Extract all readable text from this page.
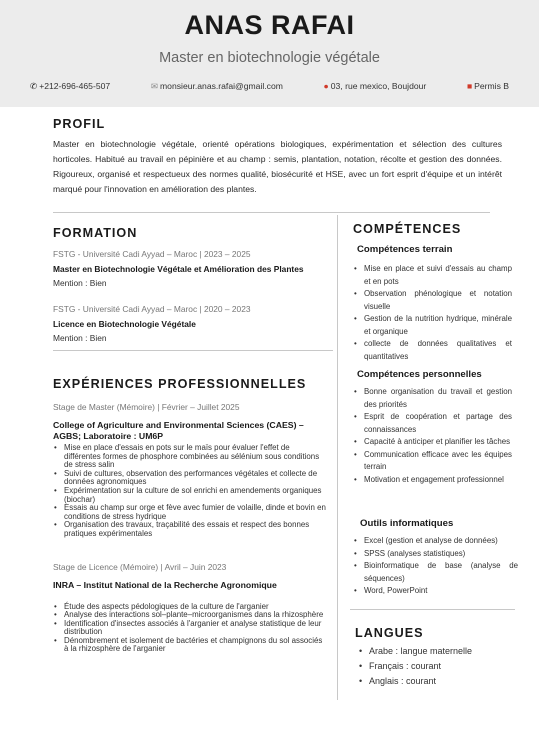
ANAS RAFAI
Master en biotechnologie végétale
✆ +212-696-465-507	✉ monsieur.anas.rafai@gmail.com	● 03, rue mexico, Boujdour	■ Permis B
PROFIL
Master en biotechnologie végétale, orienté opérations biologiques, expérimentation et sélection des cultures horticoles. Habitué au travail en pépinière et au champ : semis, plantation, notation, récolte et gestion des données. Rigoureux, organisé et respectueux des normes qualité, biosécurité et HSE, avec un fort esprit d'équipe et un intérêt marqué pour l'innovation en amélioration des plantes.
FORMATION
FSTG - Université Cadi Ayyad – Maroc | 2023 – 2025
Master en Biotechnologie Végétale et Amélioration des Plantes
Mention : Bien
FSTG - Université Cadi Ayyad – Maroc | 2020 – 2023
Licence en Biotechnologie Végétale
Mention : Bien
EXPÉRIENCES PROFESSIONNELLES
Stage de Master (Mémoire) | Février – Juillet 2025
College of Agriculture and Environmental Sciences (CAES) – AGBS; Laboratoire : UM6P
• Mise en place d'essais en pots sur le maïs pour évaluer l'effet de différentes formes de phosphore combinées au sélénium sous conditions de stress salin
• Suivi de cultures, observation des performances végétales et collecte de données agronomiques
• Expérimentation sur la culture de sol enrichi en amendements organiques (biochar)
• Essais au champ sur orge et fève avec fumier de volaille, dinde et bovin en conditions de stress hydrique
• Organisation des travaux, traçabilité des essais et respect des bonnes pratiques expérimentales
Stage de Licence (Mémoire) | Avril – Juin 2023
INRA – Institut National de la Recherche Agronomique
• Étude des aspects pédologiques de la culture de l'arganier
• Analyse des interactions sol–plante–microorganismes dans la rhizosphère
• Identification d'insectes associés à l'arganier et analyse statistique de leur distribution
• Dénombrement et isolement de bactéries et champignons du sol associés à la rhizosphère de l'arganier
COMPÉTENCES
Compétences terrain
• Mise en place et suivi d'essais au champ et en pots
• Observation phénologique et notation visuelle
• Gestion de la nutrition hydrique, minérale et organique
• collecte de données qualitatives et quantitatives
Compétences personnelles
• Bonne organisation du travail et gestion des priorités
• Esprit de coopération et partage des connaissances
• Capacité à anticiper et planifier les tâches
• Communication efficace avec les équipes terrain
• Motivation et engagement professionnel
Outils informatiques
• Excel (gestion et analyse de données)
• SPSS (analyses statistiques)
• Bioinformatique de base (analyse de séquences)
• Word, PowerPoint
LANGUES
• Arabe : langue maternelle
• Français : courant
• Anglais : courant
